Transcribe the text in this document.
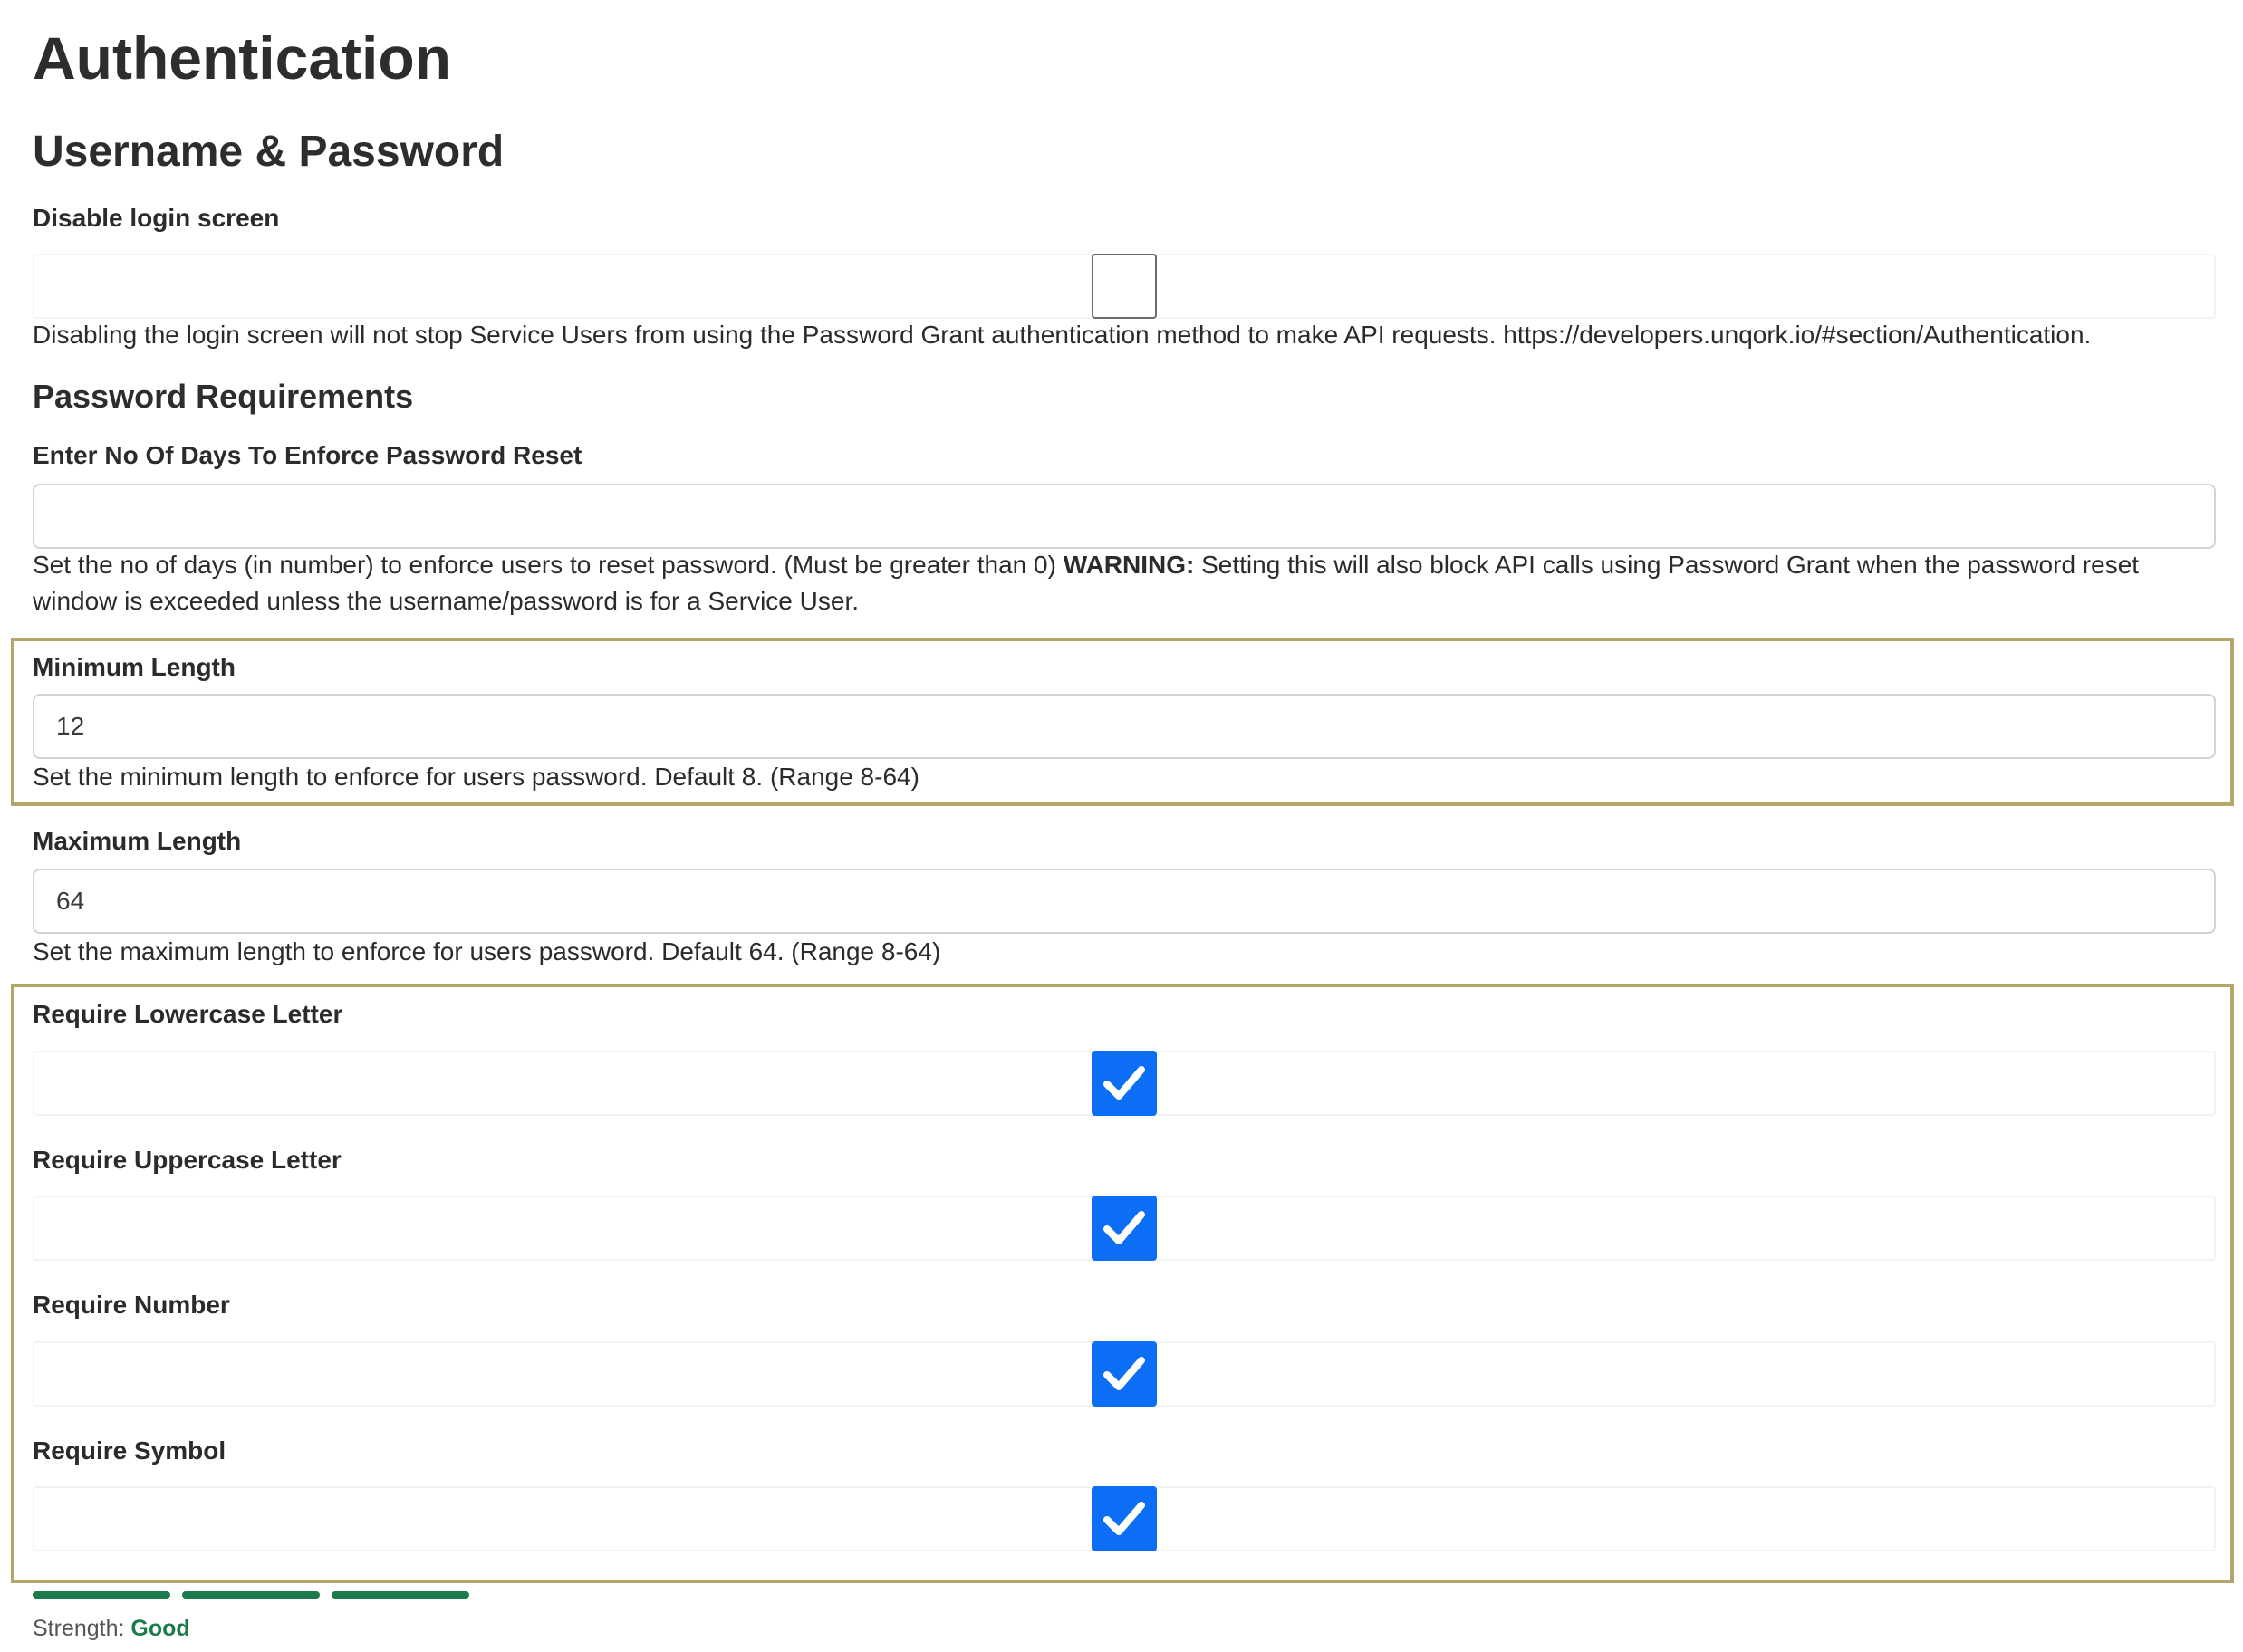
Authentication
Username & Password
Disable login screen
Disabling the login screen will not stop Service Users from using the Password Grant authentication method to make API requests. https://developers.unqork.io/#section/Authentication.
Password Requirements
Enter No Of Days To Enforce Password Reset
Set the no of days (in number) to enforce users to reset password. (Must be greater than 0) WARNING: Setting this will also block API calls using Password Grant when the password reset window is exceeded unless the username/password is for a Service User.
Minimum Length
12
Set the minimum length to enforce for users password. Default 8. (Range 8-64)
Maximum Length
64
Set the maximum length to enforce for users password. Default 64. (Range 8-64)
Require Lowercase Letter
Require Uppercase Letter
Require Number
Require Symbol
Strength: Good
